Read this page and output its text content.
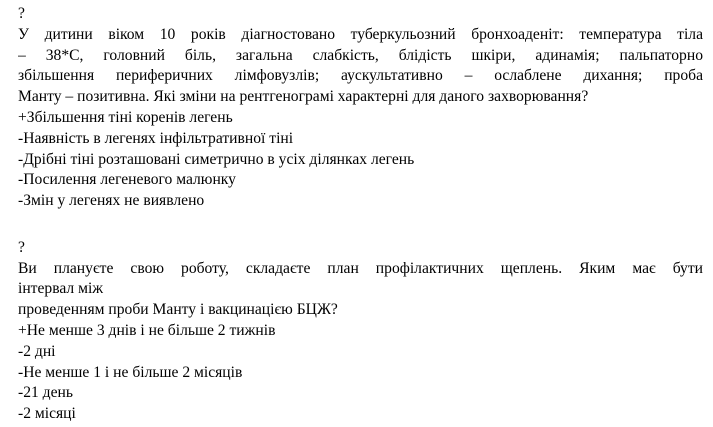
?
У дитини віком 10 років діагностовано туберкульозний бронхоаденіт: температура тіла
– 38*С, головний біль, загальна слабкість, блідість шкіри, адинамія; пальпаторно
збільшення периферичних лімфовузлів; аускультативно – ослаблене дихання; проба
Манту – позитивна. Які зміни на рентгенограмі характерні для даного захворювання?
+Збільшення тіні коренів легень
-Наявність в легенях інфільтративної тіні
-Дрібні тіні розташовані симетрично в усіх ділянках легень
-Посилення легеневого малюнку
-Змін у легенях не виявлено
?
Ви плануєте свою роботу, складаєте план профілактичних щеплень. Яким має бути
інтервал між
проведенням проби Манту і вакцинацією БЦЖ?
+Не менше 3 днів і не більше 2 тижнів
-2 дні
-Не менше 1 і не більше 2 місяців
-21 день
-2 місяці
